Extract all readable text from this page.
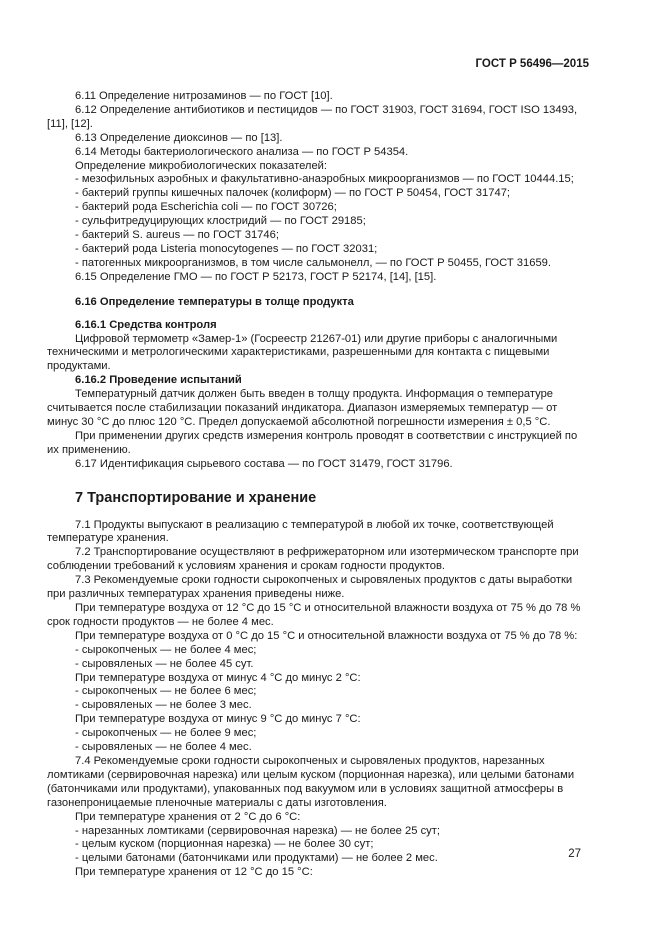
ГОСТ Р 56496—2015

6.11 Определение нитрозаминов — по ГОСТ [10].

6.12 Определение антибиотиков и пестицидов — по ГОСТ 31903, ГОСТ 31694, ГОСТ ISO 13493, [11], [12].

6.13 Определение диоксинов — по [13].

6.14 Методы бактериологического анализа — по ГОСТ Р 54354.

Определение микробиологических показателей:

- мезофильных аэробных и факультативно-анаэробных микроорганизмов — по ГОСТ 10444.15;

- бактерий группы кишечных палочек (колиформ) — по ГОСТ Р 50454, ГОСТ 31747;

- бактерий рода Escherichia coli — по ГОСТ 30726;

- сульфитредуцирующих клостридий — по ГОСТ 29185;

- бактерий S. aureus — по ГОСТ 31746;

- бактерий рода Listeria monocytogenes — по ГОСТ 32031;

- патогенных микроорганизмов, в том числе сальмонелл, — по ГОСТ Р 50455, ГОСТ 31659.

6.15 Определение ГМО — по ГОСТ Р 52173, ГОСТ Р 52174, [14], [15].

6.16 Определение температуры в толще продукта

6.16.1 Средства контроля

Цифровой термометр «Замер-1» (Госреестр 21267-01) или другие приборы с аналогичными техническими и метрологическими характеристиками, разрешенными для контакта с пищевыми продуктами.

6.16.2 Проведение испытаний

Температурный датчик должен быть введен в толщу продукта. Информация о температуре считывается после стабилизации показаний индикатора. Диапазон измеряемых температур — от минус 30 °С до плюс 120 °С. Предел допускаемой абсолютной погрешности измерения ± 0,5 °С.

При применении других средств измерения контроль проводят в соответствии с инструкцией по их применению.

6.17 Идентификация сырьевого состава — по ГОСТ 31479, ГОСТ 31796.

7 Транспортирование и хранение

7.1 Продукты выпускают в реализацию с температурой в любой их точке, соответствующей температуре хранения.

7.2 Транспортирование осуществляют в рефрижераторном или изотермическом транспорте при соблюдении требований к условиям хранения и срокам годности продуктов.

7.3 Рекомендуемые сроки годности сырокопченых и сыровяленых продуктов с даты выработки при различных температурах хранения приведены ниже.

При температуре воздуха от 12 °С до 15 °С и относительной влажности воздуха от 75 % до 78 % срок годности продуктов — не более 4 мес.

При температуре воздуха от 0 °С до 15 °С и относительной влажности воздуха от 75 % до 78 %:

- сырокопченых — не более 4 мес;

- сыровяленых — не более 45 сут.

При температуре воздуха от минус 4 °С до минус 2 °С:

- сырокопченых — не более 6 мес;

- сыровяленых — не более 3 мес.

При температуре воздуха от минус 9 °С до минус 7 °С:

- сырокопченых — не более 9 мес;

- сыровяленых — не более 4 мес.

7.4 Рекомендуемые сроки годности сырокопченых и сыровяленых продуктов, нарезанных ломтиками (сервировочная нарезка) или целым куском (порционная нарезка), или целыми батонами (батончиками или продуктами), упакованных под вакуумом или в условиях защитной атмосферы в газонепроницаемые пленочные материалы с даты изготовления.

При температуре хранения от 2 °С до 6 °С:

- нарезанных ломтиками (сервировочная нарезка) — не более 25 сут;

- целым куском (порционная нарезка) — не более 30 сут;

- целыми батонами (батончиками или продуктами) — не более 2 мес.

При температуре хранения от 12 °С до 15 °С:

27
